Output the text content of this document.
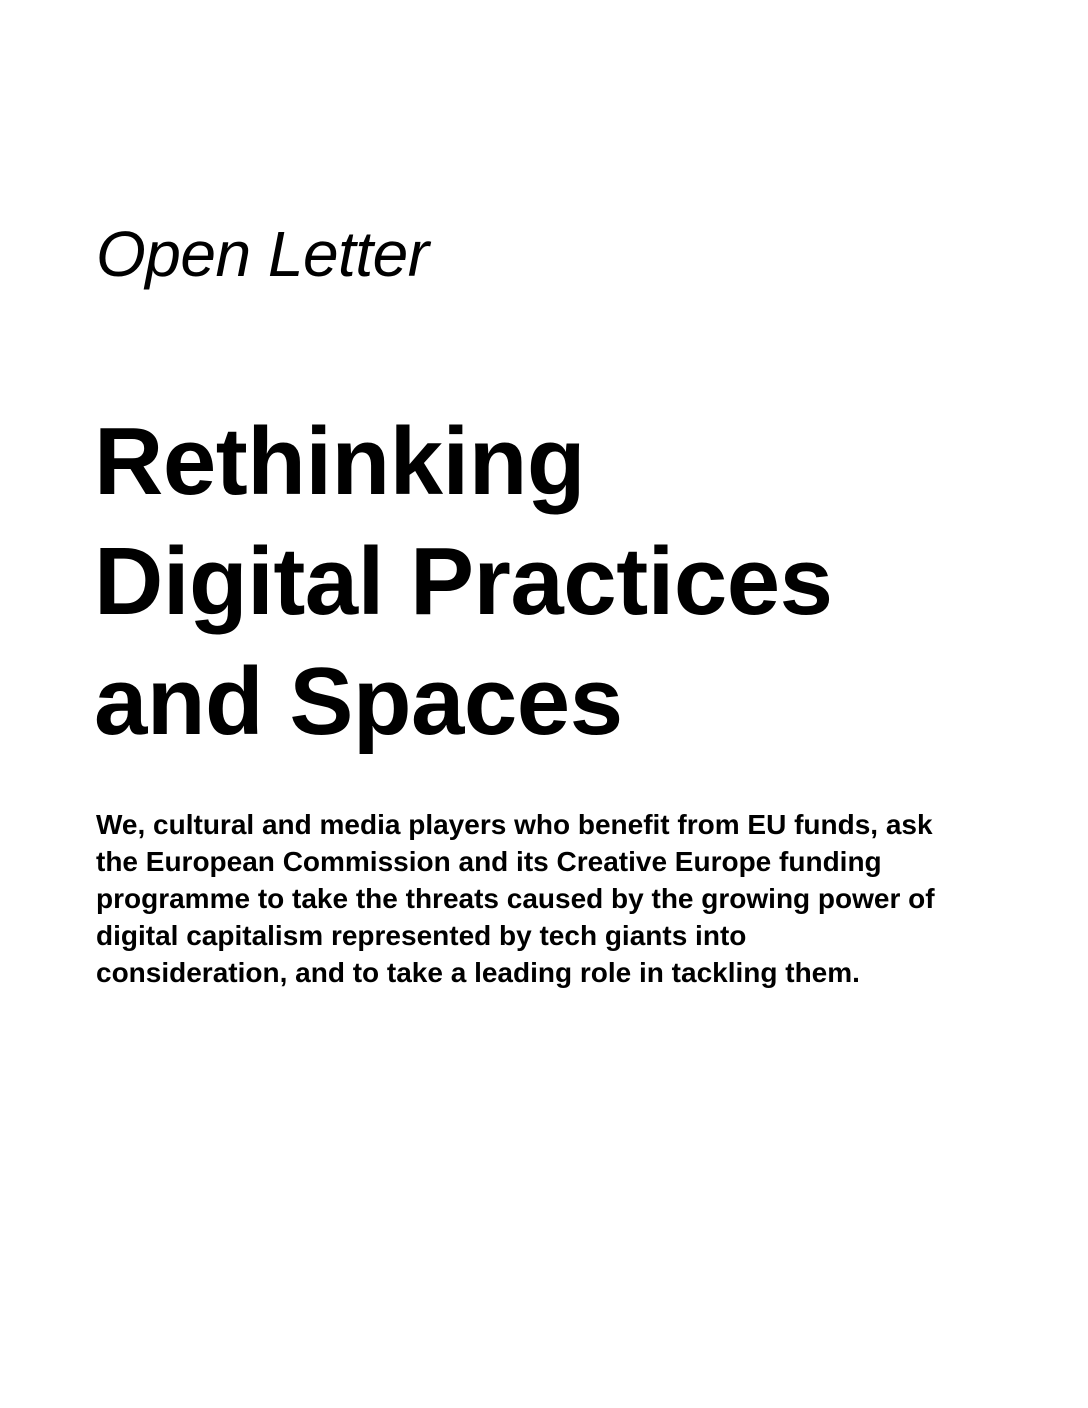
Open Letter

Rethinking
Digital Practices
and Spaces

We, cultural and media players who benefit from EU funds, ask
the European Commission and its Creative Europe funding
programme to take the threats caused by the growing power of
digital capitalism represented by tech giants into
consideration, and to take a leading role in tackling them.
